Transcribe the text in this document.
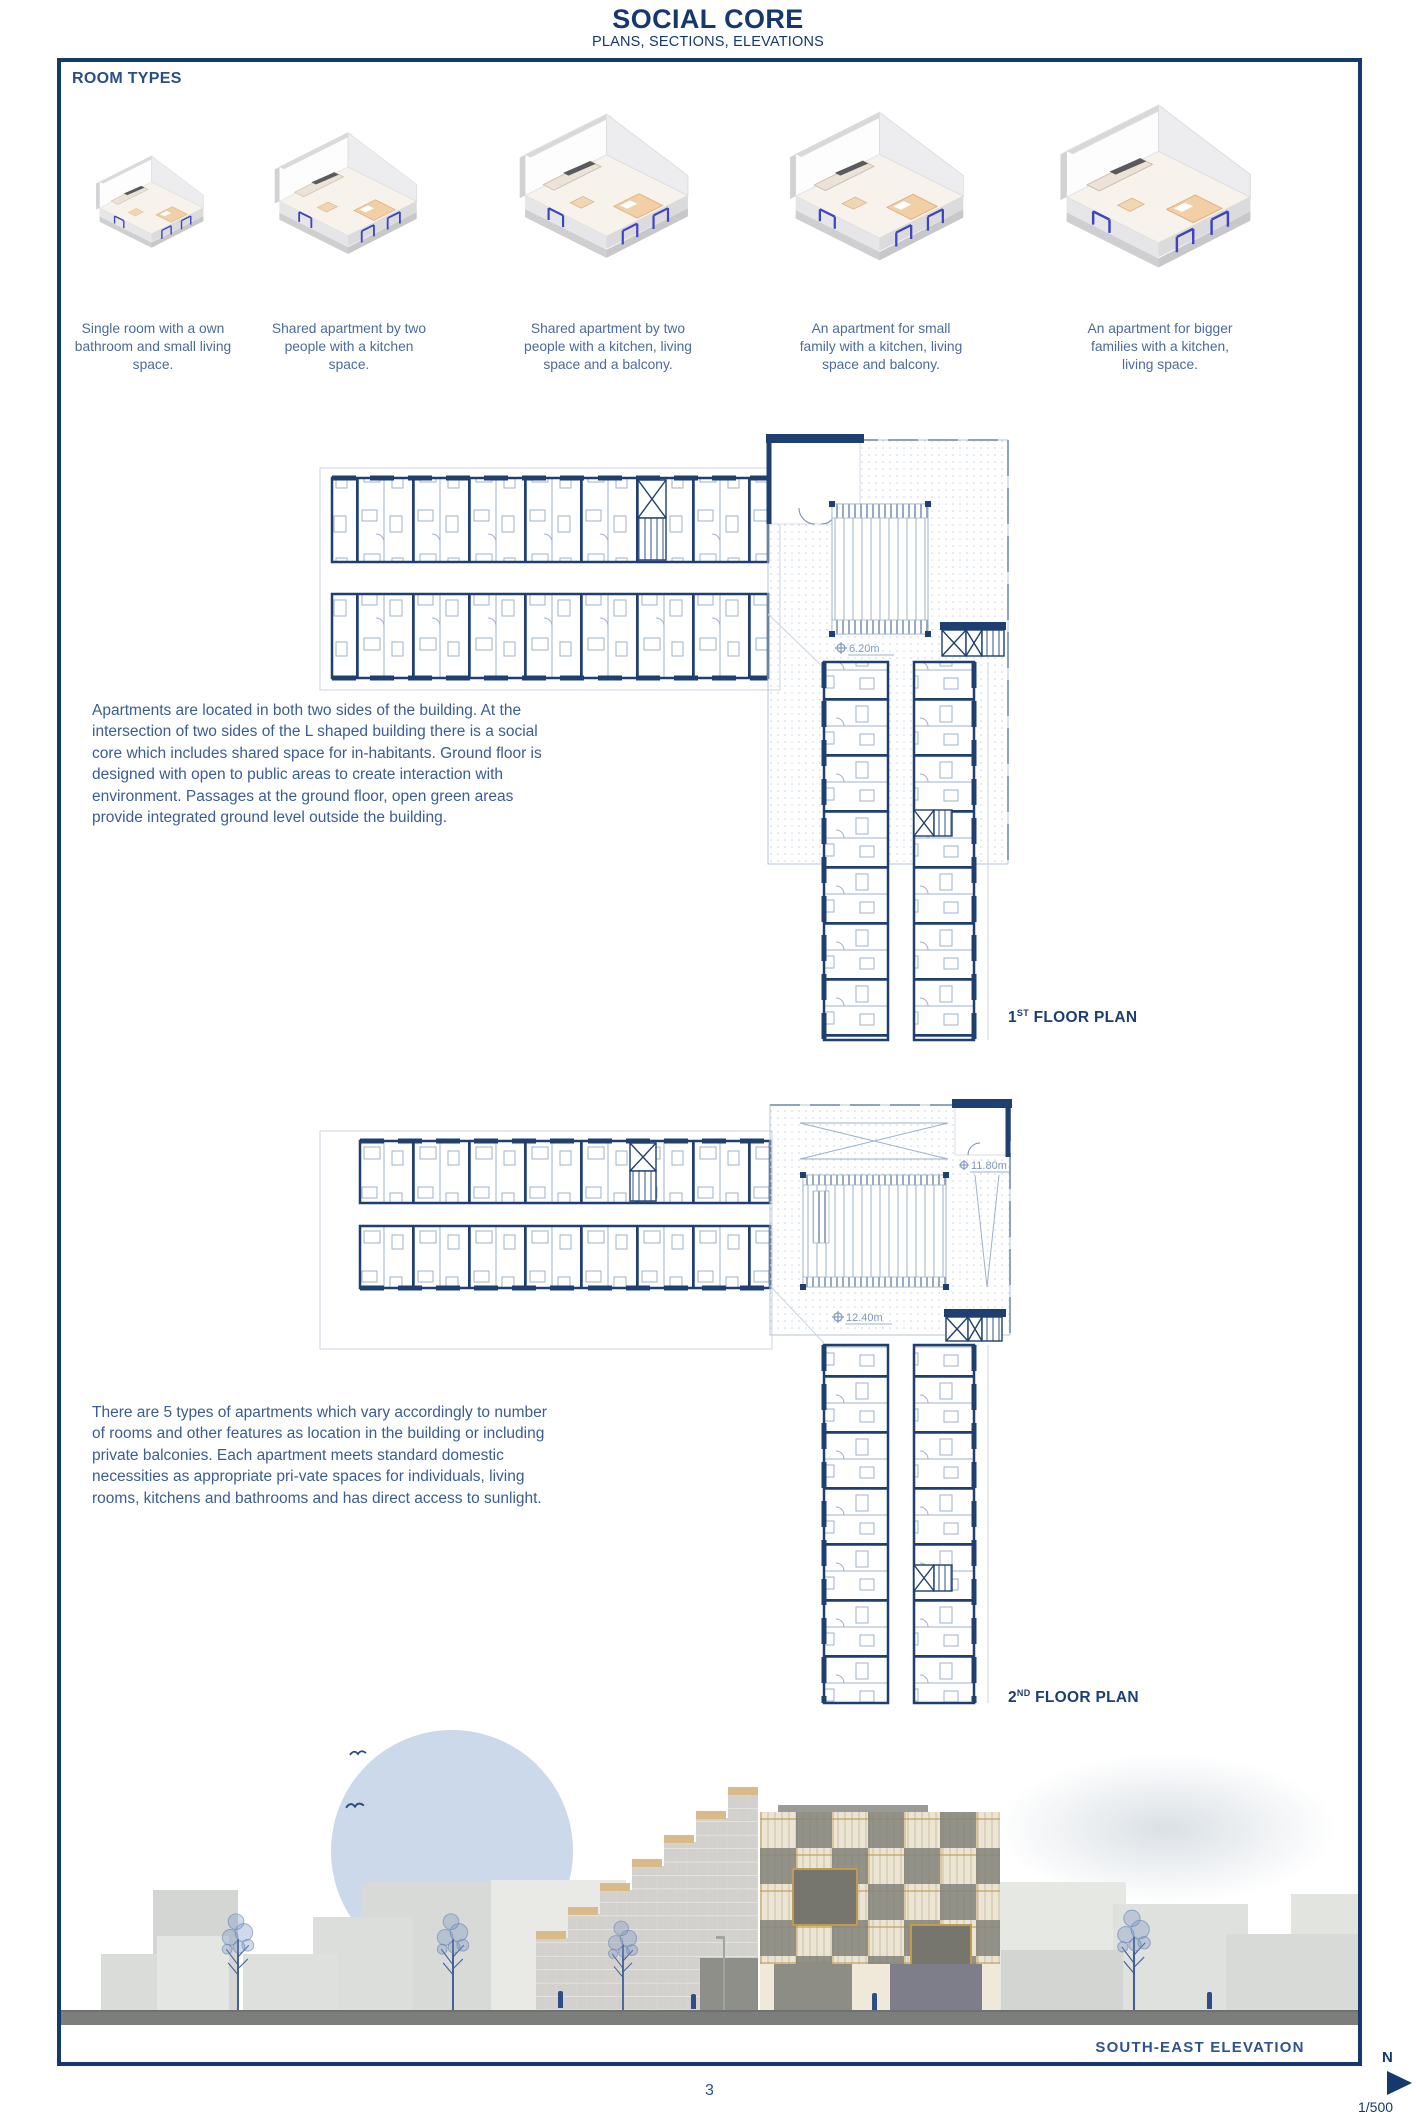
SOCIAL CORE
PLANS, SECTIONS, ELEVATIONS
ROOM TYPES
Single room with a own bathroom and small living space.
Shared apartment by two people with a kitchen space.
Shared apartment by two people with a kitchen, living space and a balcony.
An apartment for small family with a kitchen, living space and balcony.
An apartment for bigger families with a kitchen, living space.
6.20m
1ST FLOOR PLAN
Apartments are located in both two sides of the building. At the intersection of two sides of the L shaped building there is a social core which includes shared space for in-habitants. Ground floor is designed with open to public areas to create interaction with environment. Passages at the ground floor, open green areas provide integrated ground level outside the building.
11.80m
12.40m
2ND FLOOR PLAN
There are 5 types of apartments which vary accordingly to number of rooms and other features as location in the building or including private balconies. Each apartment meets standard domestic necessities as appropriate pri-vate spaces for individuals, living rooms, kitchens and bathrooms and has direct access to sunlight.
SOUTH-EAST ELEVATION
3
N
1/500
